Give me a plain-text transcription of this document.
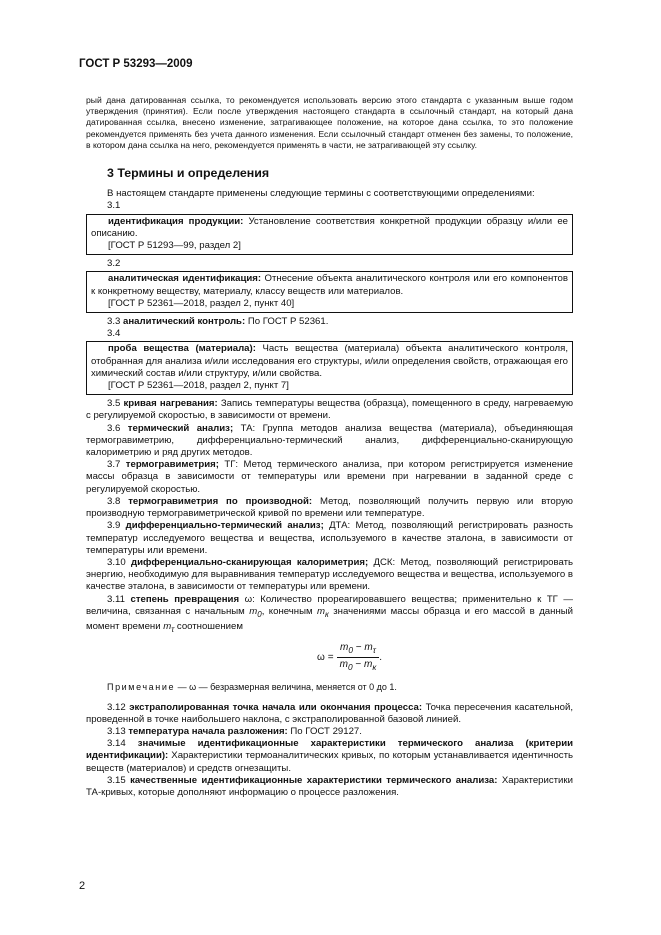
ГОСТ Р 53293—2009

рый дана датированная ссылка, то рекомендуется использовать версию этого стандарта с указанным выше годом утверждения (принятия). Если после утверждения настоящего стандарта в ссылочный стандарт, на который дана датированная ссылка, внесено изменение, затрагивающее положение, на которое дана ссылка, то это положение рекомендуется применять без учета данного изменения. Если ссылочный стандарт отменен без замены, то положение, в котором дана ссылка на него, рекомендуется применять в части, не затрагивающей эту ссылку.

3 Термины и определения

В настоящем стандарте применены следующие термины с соответствующими определениями:

3.1

идентификация продукции: Установление соответствия конкретной продукции образцу и/или ее описанию.

[ГОСТ Р 51293—99, раздел 2]

3.2

аналитическая идентификация: Отнесение объекта аналитического контроля или его компонентов к конкретному веществу, материалу, классу веществ или материалов.

[ГОСТ Р 52361—2018, раздел 2, пункт 40]

3.3 аналитический контроль: По ГОСТ Р 52361.

3.4

проба вещества (материала): Часть вещества (материала) объекта аналитического контроля, отобранная для анализа и/или исследования его структуры, и/или определения свойств, отражающая его химический состав и/или структуру, и/или свойства.

[ГОСТ Р 52361—2018, раздел 2, пункт 7]

3.5 кривая нагревания: Запись температуры вещества (образца), помещенного в среду, нагреваемую с регулируемой скоростью, в зависимости от времени.

3.6 термический анализ; ТА: Группа методов анализа вещества (материала), объединяющая термогравиметрию, дифференциально-термический анализ, дифференциально-сканирующую калориметрию и ряд других методов.

3.7 термогравиметрия; ТГ: Метод термического анализа, при котором регистрируется изменение массы образца в зависимости от температуры или времени при нагревании в заданной среде с регулируемой скоростью.

3.8 термогравиметрия по производной: Метод, позволяющий получить первую или вторую производную термогравиметрической кривой по времени или температуре.

3.9 дифференциально-термический анализ; ДТА: Метод, позволяющий регистрировать разность температур исследуемого вещества и вещества, используемого в качестве эталона, в зависимости от температуры или времени.

3.10 дифференциально-сканирующая калориметрия; ДСК: Метод, позволяющий регистрировать энергию, необходимую для выравнивания температур исследуемого вещества и вещества, используемого в качестве эталона, в зависимости от температуры или времени.

3.11 степень превращения ω: Количество прореагировавшего вещества; применительно к ТГ — величина, связанная с начальным $m_0$, конечным $m_к$ значениями массы образца и его массой в данный момент времени $m_\tau$ соотношением

$\omega = \frac{m_0 - m_\tau}{m_0 - m_к}$ .

Примечание — ω — безразмерная величина, меняется от 0 до 1.

3.12 экстраполированная точка начала или окончания процесса: Точка пересечения касательной, проведенной в точке наибольшего наклона, с экстраполированной базовой линией.

3.13 температура начала разложения: По ГОСТ 29127.

3.14 значимые идентификационные характеристики термического анализа (критерии идентификации): Характеристики термоаналитических кривых, по которым устанавливается идентичность веществ (материалов) и средств огнезащиты.

3.15 качественные идентификационные характеристики термического анализа: Характеристики ТА-кривых, которые дополняют информацию о процессе разложения.

2
